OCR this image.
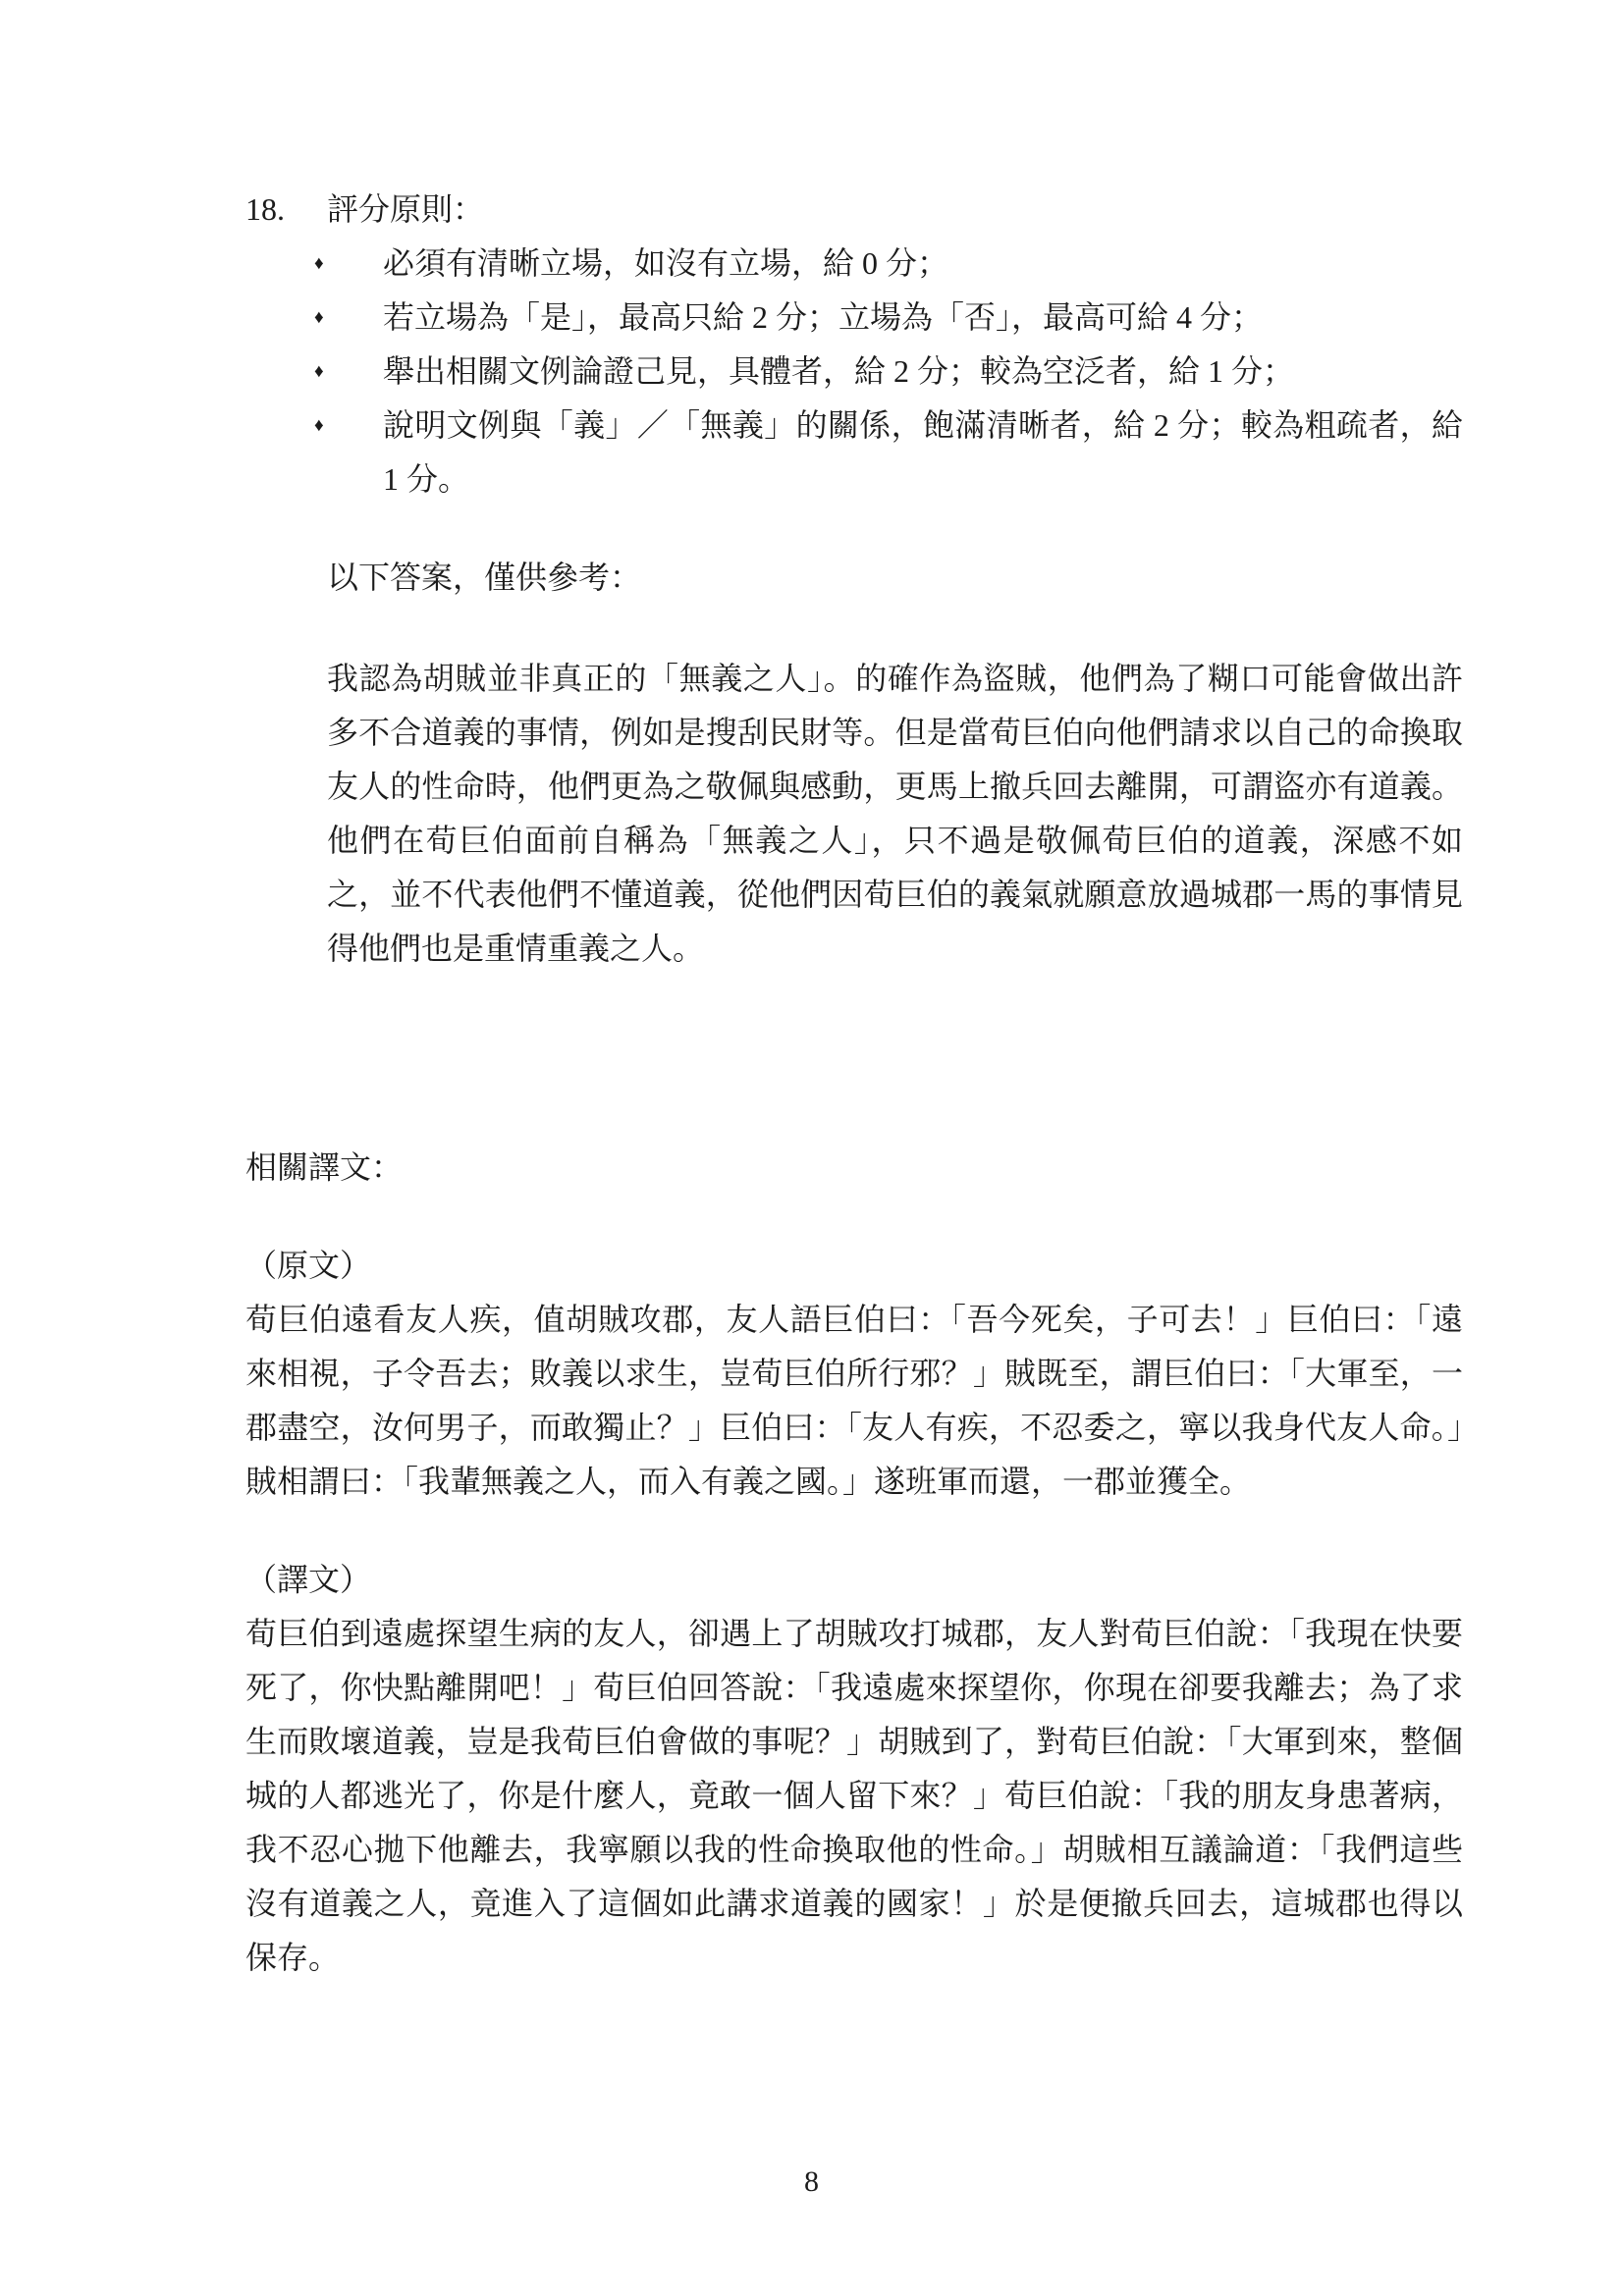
18.	評分原則：
♦	必須有清晰立場，如沒有立場，給 0 分；
♦	若立場為「是」，最高只給 2 分；立場為「否」，最高可給 4 分；
♦	舉出相關文例論證己見，具體者，給 2 分；較為空泛者，給 1 分；
♦	說明文例與「義」／「無義」的關係，飽滿清晰者，給 2 分；較為粗疏者，給 1 分。

以下答案，僅供參考：

我認為胡賊並非真正的「無義之人」。的確作為盜賊，他們為了糊口可能會做出許多不合道義的事情，例如是搜刮民財等。但是當荀巨伯向他們請求以自己的命換取友人的性命時，他們更為之敬佩與感動，更馬上撤兵回去離開，可謂盜亦有道義。他們在荀巨伯面前自稱為「無義之人」，只不過是敬佩荀巨伯的道義，深感不如之，並不代表他們不懂道義，從他們因荀巨伯的義氣就願意放過城郡一馬的事情見得他們也是重情重義之人。

相關譯文：

（原文）

荀巨伯遠看友人疾，值胡賊攻郡，友人語巨伯曰：「吾今死矣，子可去！」巨伯曰：「遠來相視，子令吾去；敗義以求生，豈荀巨伯所行邪？」賊既至，謂巨伯曰：「大軍至，一郡盡空，汝何男子，而敢獨止？」巨伯曰：「友人有疾，不忍委之，寧以我身代友人命。」賊相謂曰：「我輩無義之人，而入有義之國。」遂班軍而還，一郡並獲全。

（譯文）

荀巨伯到遠處探望生病的友人，卻遇上了胡賊攻打城郡，友人對荀巨伯說：「我現在快要死了，你快點離開吧！」荀巨伯回答說：「我遠處來探望你，你現在卻要我離去；為了求生而敗壞道義，豈是我荀巨伯會做的事呢？」胡賊到了，對荀巨伯說：「大軍到來，整個城的人都逃光了，你是什麼人，竟敢一個人留下來？」荀巨伯說：「我的朋友身患著病，我不忍心拋下他離去，我寧願以我的性命換取他的性命。」胡賊相互議論道：「我們這些沒有道義之人，竟進入了這個如此講求道義的國家！」於是便撤兵回去，這城郡也得以保存。

8
